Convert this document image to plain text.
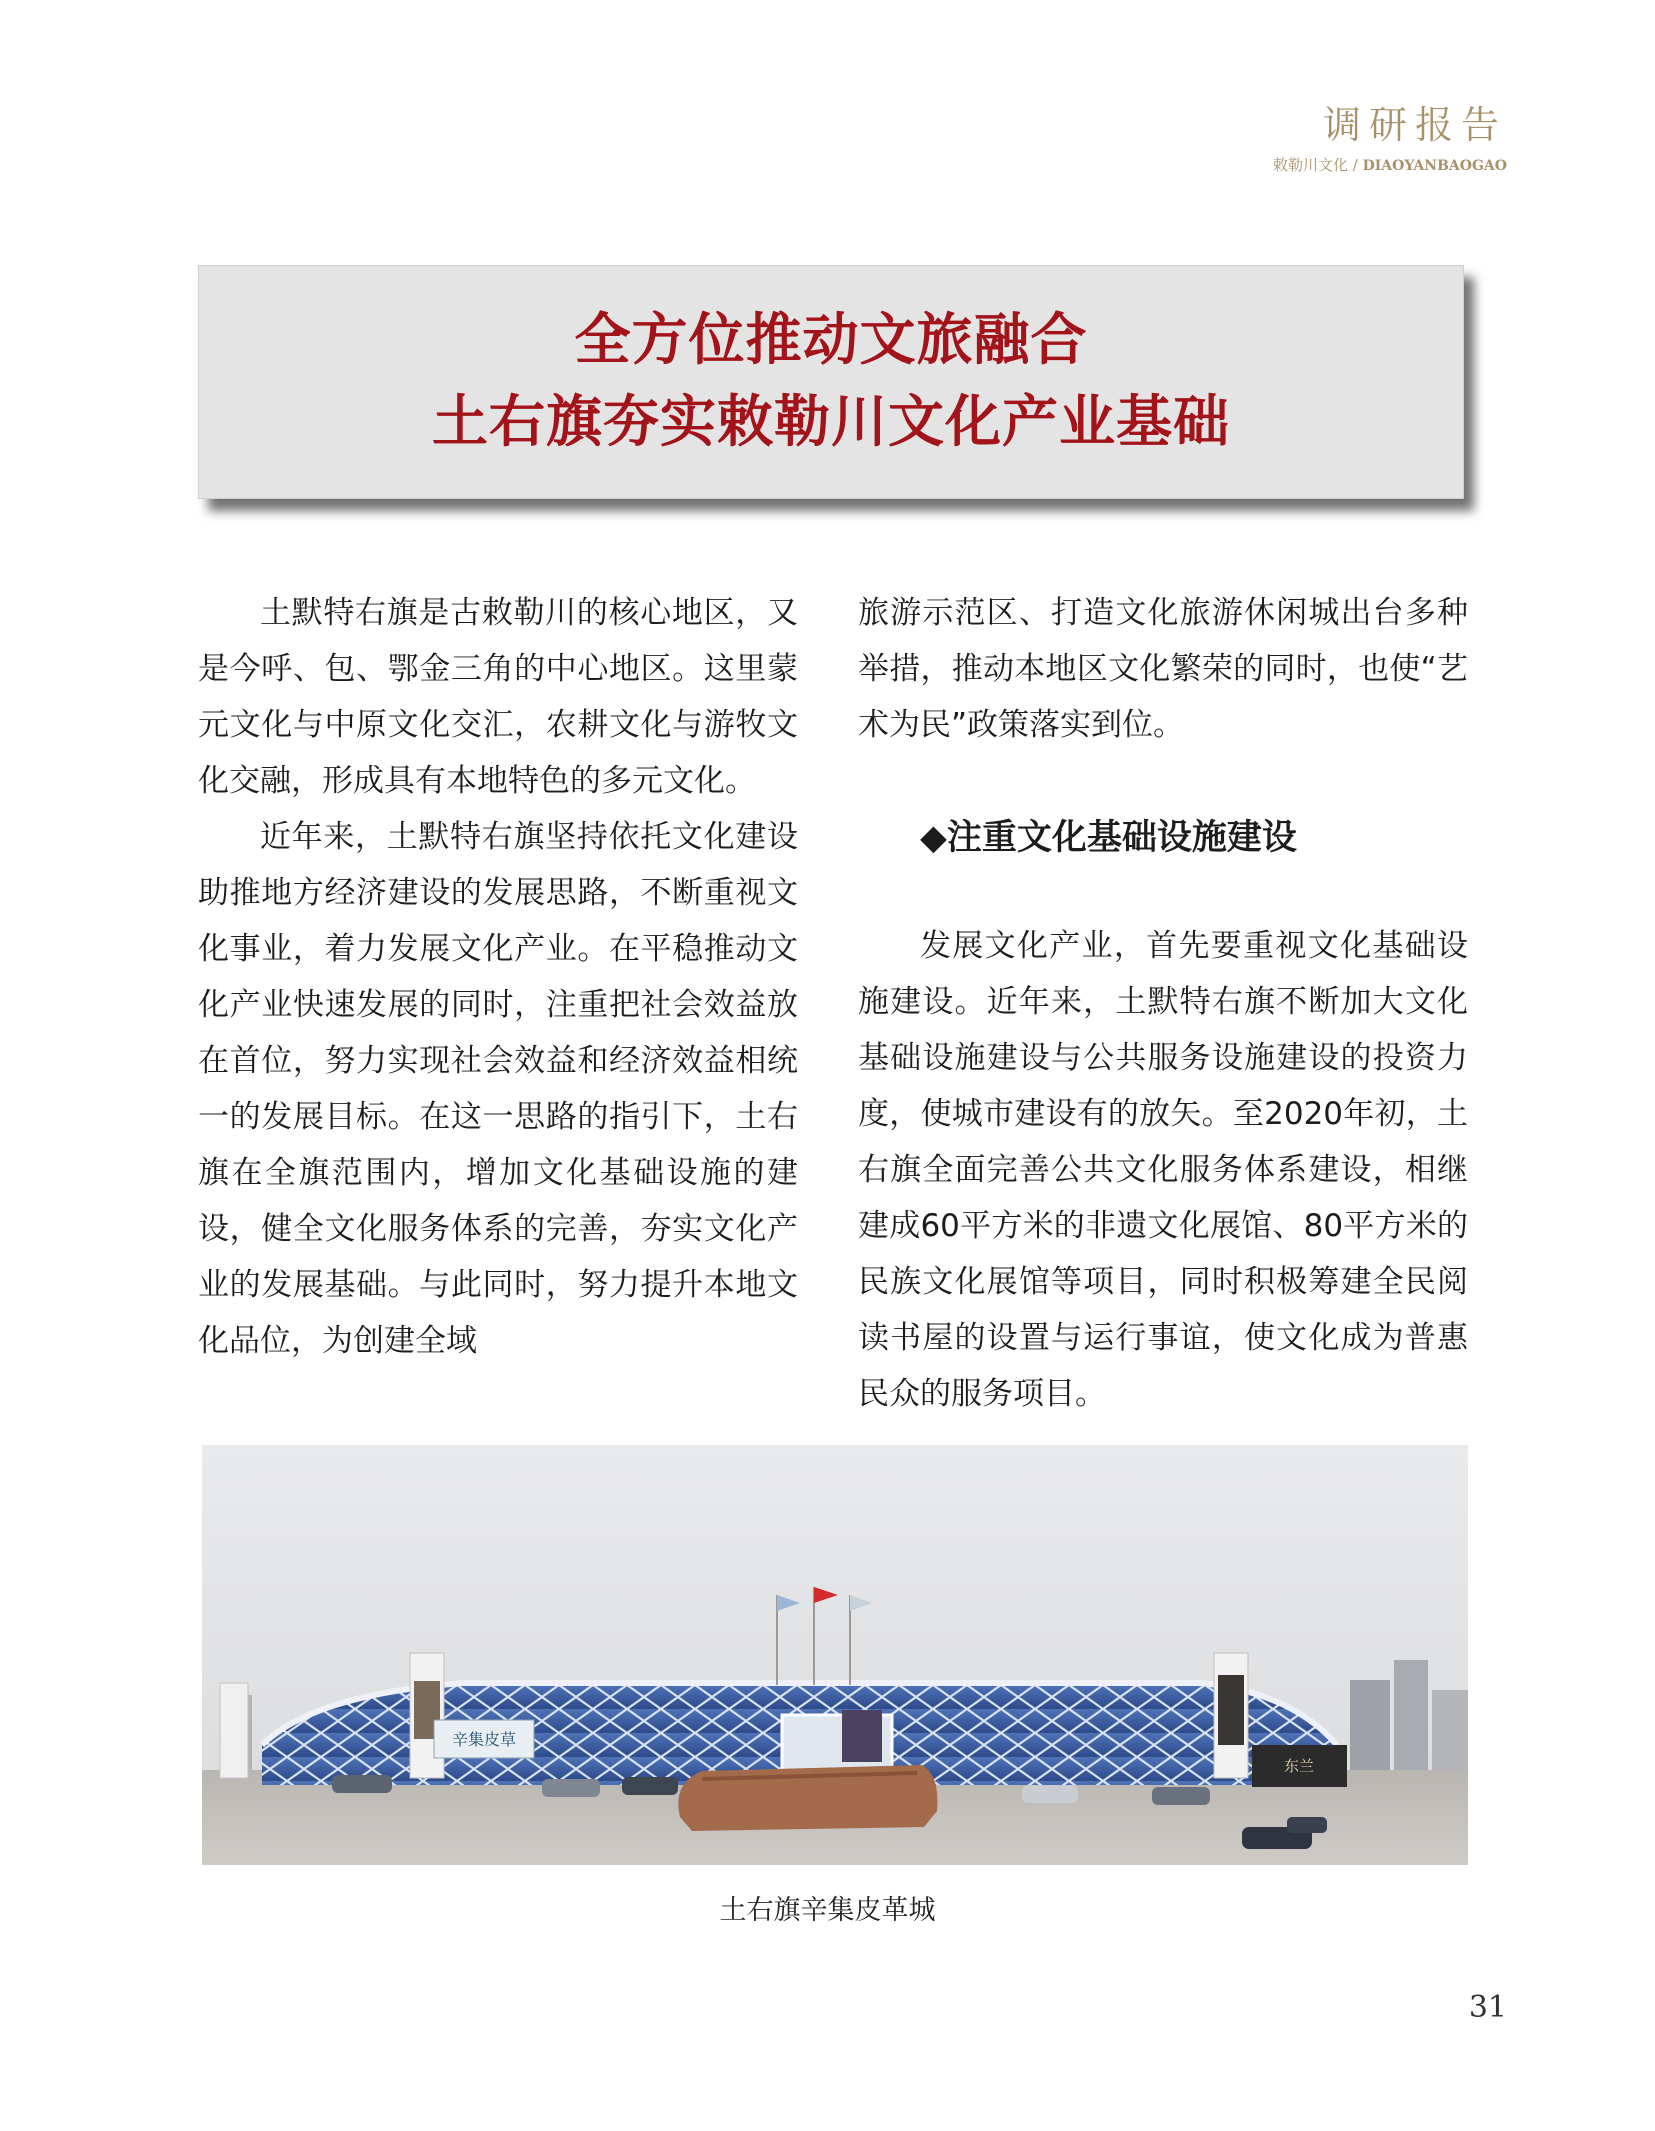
调研报告
敕勒川文化 / DIAOYANBAOGAO
全方位推动文旅融合
土右旗夯实敕勒川文化产业基础

土默特右旗是古敕勒川的核心地区，又是今呼、包、鄂金三角的中心地区。这里蒙元文化与中原文化交汇，农耕文化与游牧文化交融，形成具有本地特色的多元文化。

近年来，土默特右旗坚持依托文化建设助推地方经济建设的发展思路，不断重视文化事业，着力发展文化产业。在平稳推动文化产业快速发展的同时，注重把社会效益放在首位，努力实现社会效益和经济效益相统一的发展目标。在这一思路的指引下，土右旗在全旗范围内，增加文化基础设施的建设，健全文化服务体系的完善，夯实文化产业的发展基础。与此同时，努力提升本地文化品位，为创建全域

旅游示范区、打造文化旅游休闲城出台多种举措，推动本地区文化繁荣的同时，也使“艺术为民”政策落实到位。

◆注重文化基础设施建设

发展文化产业，首先要重视文化基础设施建设。近年来，土默特右旗不断加大文化基础设施建设与公共服务设施建设的投资力度，使城市建设有的放矢。至2020年初，土右旗全面完善公共文化服务体系建设，相继建成60平方米的非遗文化展馆、80平方米的民族文化展馆等项目，同时积极筹建全民阅读书屋的设置与运行事谊，使文化成为普惠民众的服务项目。

辛集皮草
东兰
土右旗辛集皮革城
31
